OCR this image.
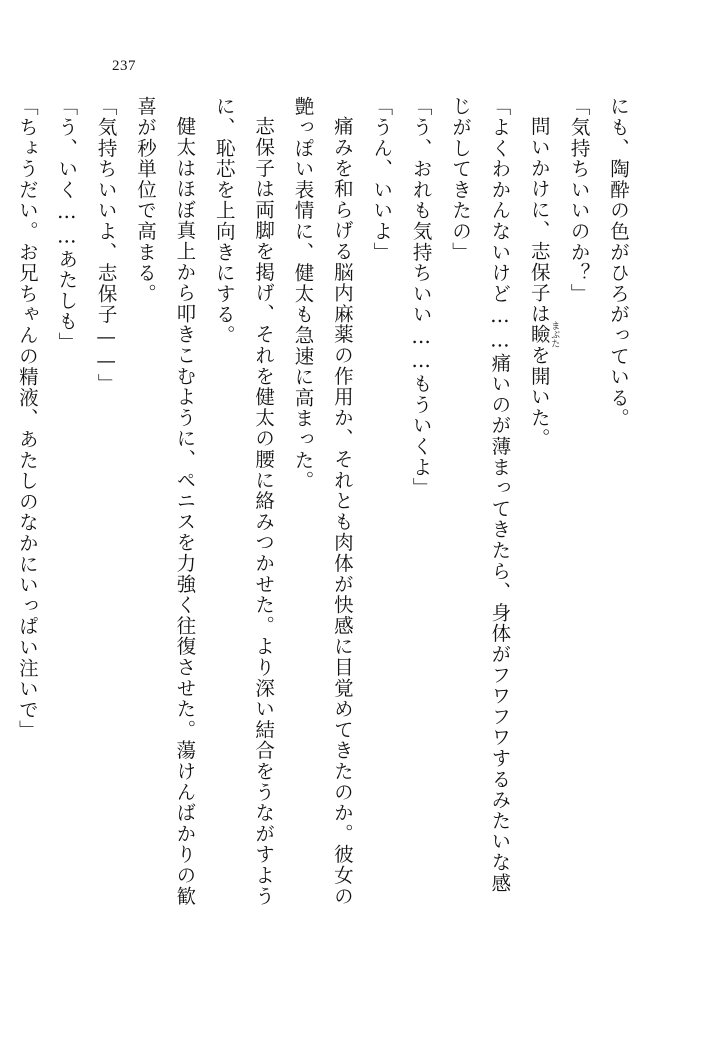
237

にも、陶酔の色がひろがっている。

「気持ちいいのか？」

問いかけに、志保子は瞼まぶたを開いた。

「よくわかんないけど……痛いのが薄まってきたら、身体がフワフワするみたいな感じがしてきたの」

「う、おれも気持ちいい……もういくよ」

「うん、いいよ」

痛みを和らげる脳内麻薬の作用か、それとも肉体が快感に目覚めてきたのか。彼女の艶っぽい表情に、健太も急速に高まった。

志保子は両脚を掲げ、それを健太の腰に絡みつかせた。より深い結合をうながすように、恥芯を上向きにする。

健太はほぼ真上から叩きこむように、ペニスを力強く往復させた。蕩けんばかりの歓喜が秒単位で高まる。

「気持ちいいよ、志保子——」

「う、いく……あたしも」

「ちょうだい。お兄ちゃんの精液、あたしのなかにいっぱい注いで」
